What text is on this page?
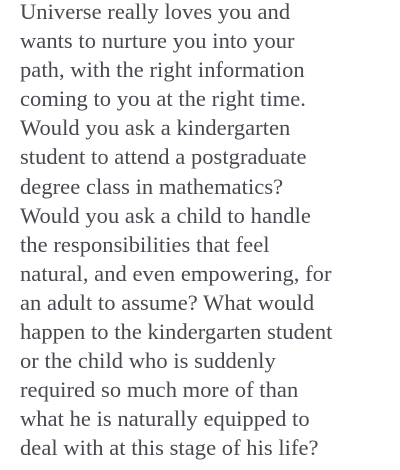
Universe really loves you and
wants to nurture you into your
path, with the right information
coming to you at the right time.
Would you ask a kindergarten
student to attend a postgraduate
degree class in mathematics?
Would you ask a child to handle
the responsibilities that feel
natural, and even empowering, for
an adult to assume? What would
happen to the kindergarten student
or the child who is suddenly
required so much more of than
what he is naturally equipped to
deal with at this stage of his life?
